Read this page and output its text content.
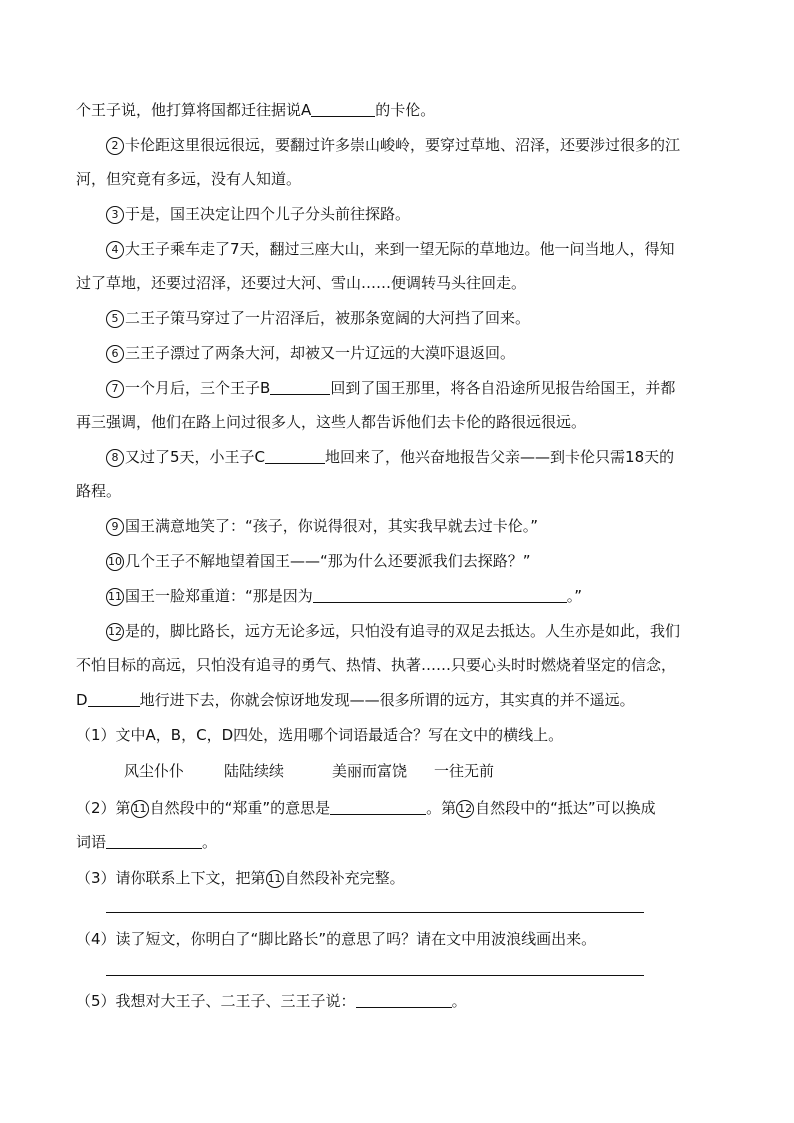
个王子说，他打算将国都迁往据说A	的卡伦。
2 卡伦距这里很远很远，要翻过许多崇山峻岭，要穿过草地、沼泽，还要涉过很多的江
河，但究竟有多远，没有人知道。
3 于是，国王决定让四个儿子分头前往探路。
4 大王子乘车走了7天，翻过三座大山，来到一望无际的草地边。他一问当地人，得知
过了草地，还要过沼泽，还要过大河、雪山……便调转马头往回走。
5 二王子策马穿过了一片沼泽后，被那条宽阔的大河挡了回来。
6 三王子漂过了两条大河，却被又一片辽远的大漠吓退返回。
7 一个月后，三个王子B	回到了国王那里，将各自沿途所见报告给国王，并都
再三强调，他们在路上问过很多人，这些人都告诉他们去卡伦的路很远很远。
8 又过了5天，小王子C	地回来了，他兴奋地报告父亲——到卡伦只需18天的
路程。
9 国王满意地笑了：“孩子，你说得很对，其实我早就去过卡伦。”
10 几个王子不解地望着国王——“那为什么还要派我们去探路？”
11 国王一脸郑重道：“那是因为	。”
12 是的，脚比路长，远方无论多远，只怕没有追寻的双足去抵达。人生亦是如此，我们
不怕目标的高远，只怕没有追寻的勇气、热情、执著……只要心头时时燃烧着坚定的信念，
D	地行进下去，你就会惊讶地发现——很多所谓的远方，其实真的并不遥远。
（1）文中A，B，C，D四处，选用哪个词语最适合？写在文中的横线上。
风尘仆仆	陆陆续续	美丽而富饶 一往无前
（2）第 11 自然段中的“郑重”的意思是	。第 12 自然段中的“抵达”可以换成
词语	。
（3）请你联系上下文，把第 11 自然段补充完整。
（4）读了短文，你明白了“脚比路长”的意思了吗？请在文中用波浪线画出来。
（5）我想对大王子、二王子、三王子说：	。
